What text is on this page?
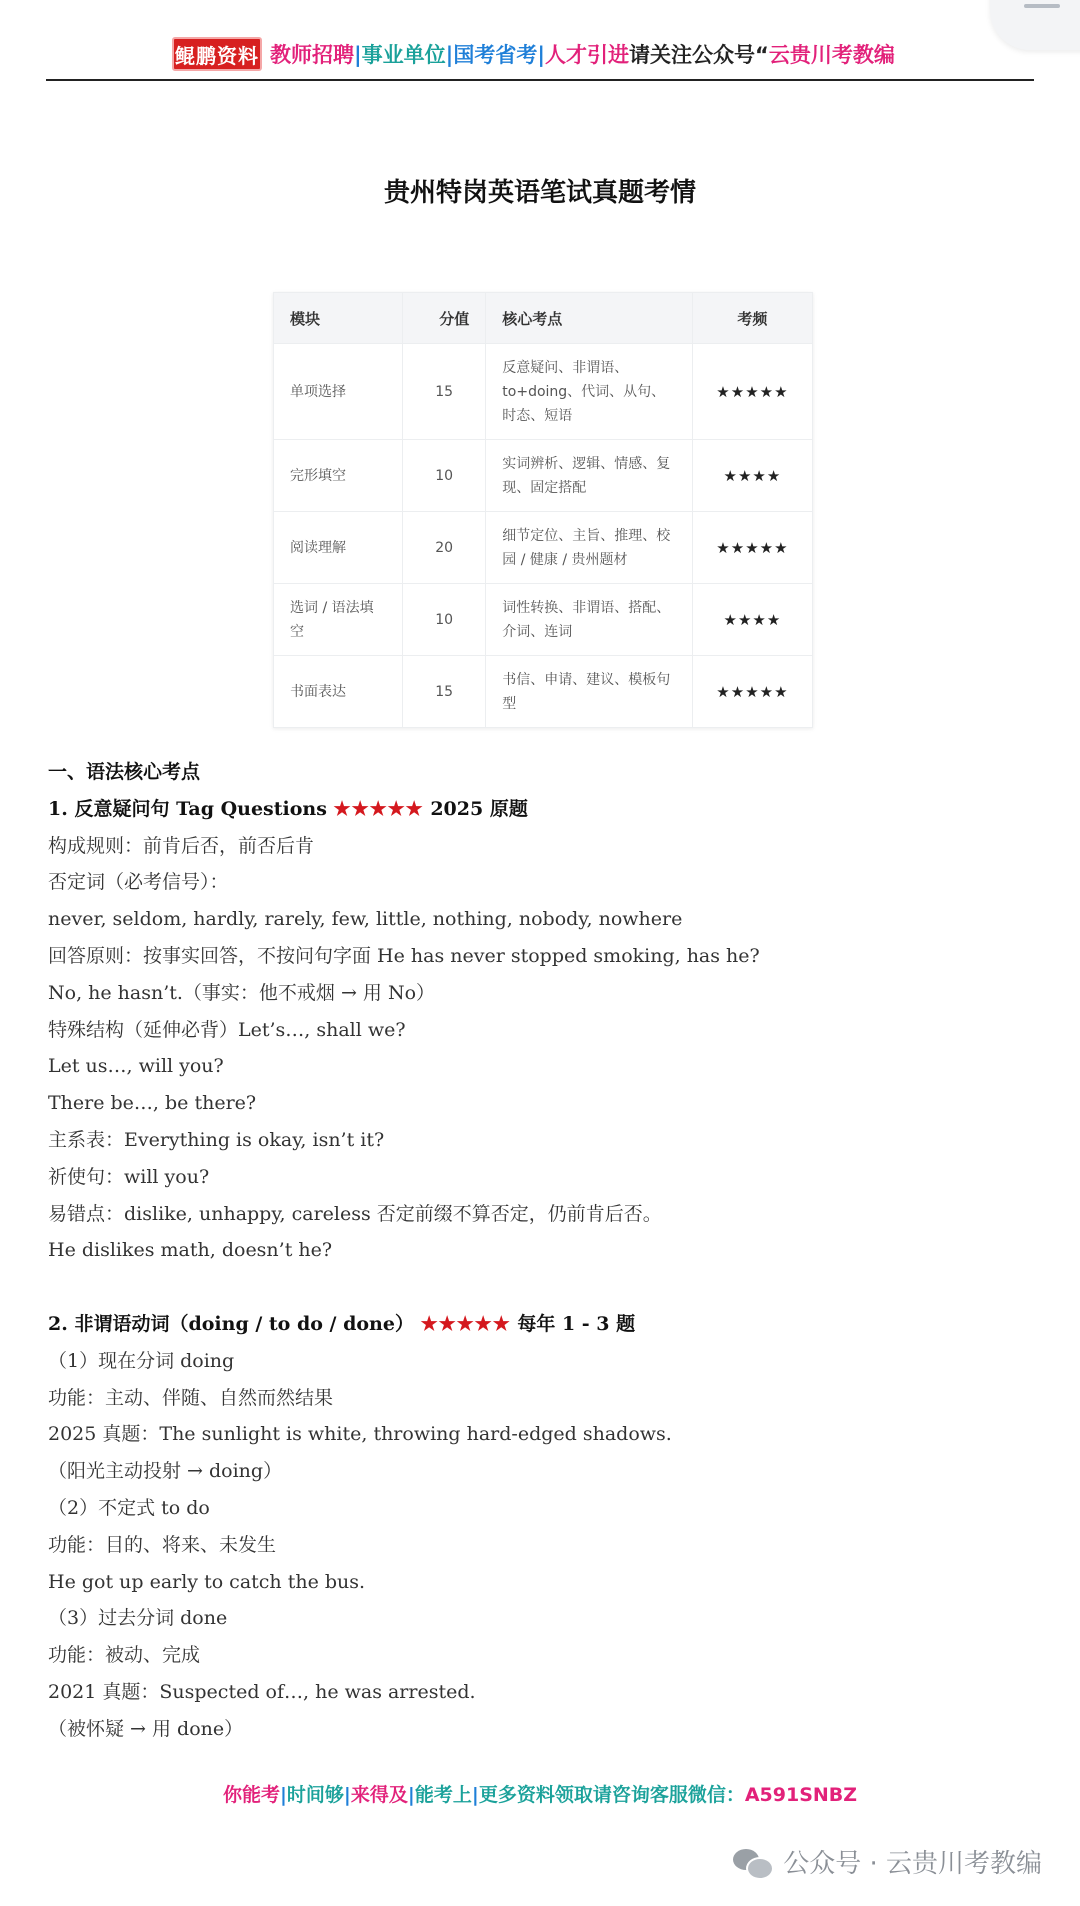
鲲鹏资料 教师招聘|事业单位|国考省考|人才引进请关注公众号“云贵川考教编
贵州特岗英语笔试真题考情
模块	分值	核心考点	考频
单项选择	15	反意疑问、非谓语、to+doing、代词、从句、时态、短语	★★★★★
完形填空	10	实词辨析、逻辑、情感、复现、固定搭配	★★★★
阅读理解	20	细节定位、主旨、推理、校园 / 健康 / 贵州题材	★★★★★
选词 / 语法填空	10	词性转换、非谓语、搭配、介词、连词	★★★★
书面表达	15	书信、申请、建议、模板句型	★★★★★
一、语法核心考点
1. 反意疑问句 Tag Questions ★★★★★ 2025 原题
构成规则：前肯后否，前否后肯
否定词（必考信号）：
never, seldom, hardly, rarely, few, little, nothing, nobody, nowhere
回答原则：按事实回答，不按问句字面 He has never stopped smoking, has he?
No, he hasn’t.（事实：他不戒烟 → 用 No）
特殊结构（延伸必背）Let’s…, shall we?
Let us…, will you?
There be…, be there?
主系表：Everything is okay, isn’t it?
祈使句：will you?
易错点：dislike, unhappy, careless 否定前缀不算否定，仍前肯后否。
He dislikes math, doesn’t he?
2. 非谓语动词（doing / to do / done） ★★★★★ 每年 1 - 3 题
（1）现在分词 doing
功能：主动、伴随、自然而然结果
2025 真题：The sunlight is white, throwing hard-edged shadows.
（阳光主动投射 → doing）
（2）不定式 to do
功能：目的、将来、未发生
He got up early to catch the bus.
（3）过去分词 done
功能：被动、完成
2021 真题：Suspected of…, he was arrested.
（被怀疑 → 用 done）
你能考|时间够|来得及|能考上|更多资料领取请咨询客服微信：A591SNBZ
公众号 · 云贵川考教编
